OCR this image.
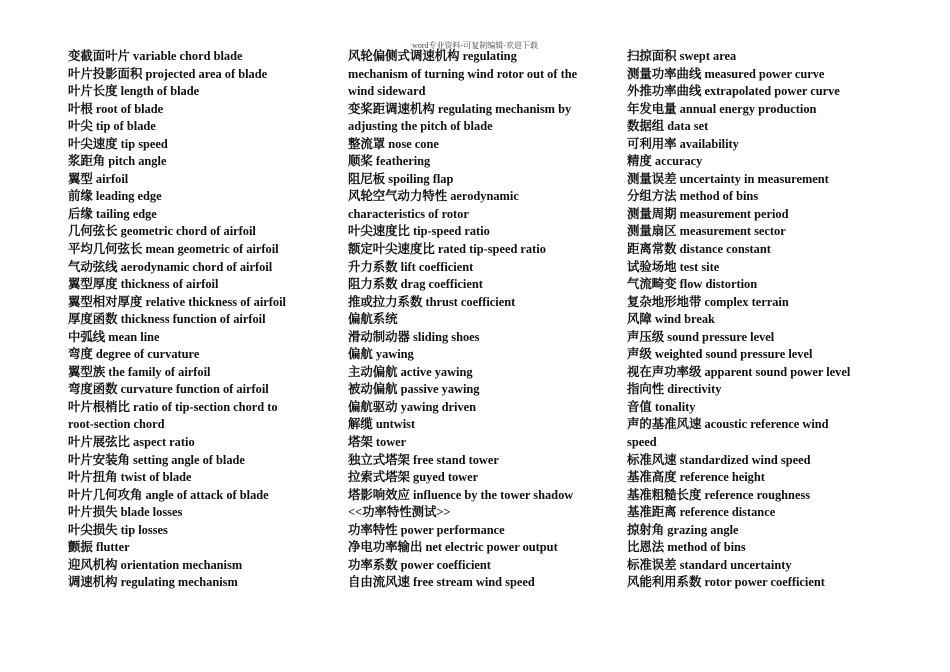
word专业资料-可复制编辑-欢迎下载
变截面叶片 variable chord blade
叶片投影面积 projected area of blade
叶片长度 length of blade
叶根 root of blade
叶尖 tip of blade
叶尖速度 tip speed
浆距角 pitch angle
翼型 airfoil
前缘 leading edge
后缘 tailing edge
几何弦长 geometric chord of airfoil
平均几何弦长 mean geometric of airfoil
气动弦线 aerodynamic chord of airfoil
翼型厚度 thickness of airfoil
翼型相对厚度 relative thickness of airfoil
厚度函数 thickness function of airfoil
中弧线 mean line
弯度 degree of curvature
翼型族 the family of airfoil
弯度函数 curvature function of airfoil
叶片根梢比 ratio of tip-section chord to
root-section chord
叶片展弦比 aspect ratio
叶片安装角 setting angle of blade
叶片扭角 twist of blade
叶片几何攻角 angle of attack of blade
叶片损失 blade losses
叶尖损失 tip losses
颤振 flutter
迎风机构 orientation mechanism
调速机构 regulating mechanism
风轮偏侧式调速机构 regulating
mechanism of turning wind rotor out of the
wind sideward
变桨距调速机构 regulating mechanism by
adjusting the pitch of blade
整流罩 nose cone
顺桨 feathering
阻尼板 spoiling flap
风轮空气动力特性 aerodynamic
characteristics of rotor
叶尖速度比 tip-speed ratio
额定叶尖速度比 rated tip-speed ratio
升力系数 lift coefficient
阻力系数 drag coefficient
推或拉力系数 thrust coefficient
偏航系统
滑动制动器 sliding shoes
偏航 yawing
主动偏航 active yawing
被动偏航 passive yawing
偏航驱动 yawing driven
解缆 untwist
塔架 tower
独立式塔架 free stand tower
拉索式塔架 guyed tower
塔影响效应 influence by the tower shadow
<<功率特性测试>>
功率特性 power performance
净电功率输出 net electric power output
功率系数 power coefficient
自由流风速 free stream wind speed
扫掠面积 swept area
测量功率曲线 measured power curve
外推功率曲线 extrapolated power curve
年发电量 annual energy production
数据组 data set
可利用率 availability
精度 accuracy
测量误差 uncertainty in measurement
分组方法 method of bins
测量周期 measurement period
测量扇区 measurement sector
距离常数 distance constant
试验场地 test site
气流畸变 flow distortion
复杂地形地带 complex terrain
风障 wind break
声压级 sound pressure level
声级 weighted sound pressure level
视在声功率级 apparent sound power level
指向性 directivity
音值 tonality
声的基准风速 acoustic reference wind
speed
标准风速 standardized wind speed
基准高度 reference height
基准粗糙长度 reference roughness
基准距离 reference distance
掠射角 grazing angle
比恩法 method of bins
标准误差 standard uncertainty
风能利用系数 rotor power coefficient
